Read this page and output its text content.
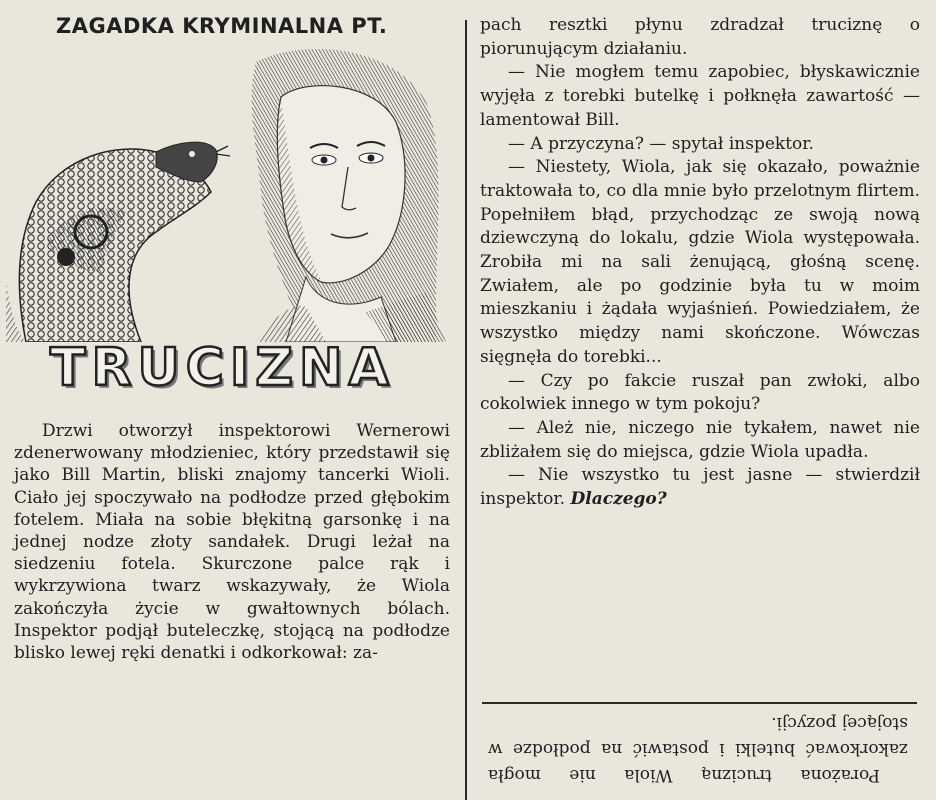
ZAGADKA KRYMINALNA PT.
TRUCIZNA

Drzwi otworzył inspektorowi Wernerowi zdenerwowany młodzieniec, który przedstawił się jako Bill Martin, bliski znajomy tancerki Wioli. Ciało jej spoczywało na podłodze przed głębokim fotelem. Miała na sobie błękitną garsonkę i na jednej nodze złoty sandałek. Drugi leżał na siedzeniu fotela. Skurczone palce rąk i wykrzywiona twarz wskazywały, że Wiola zakończyła życie w gwałtownych bólach. Inspektor podjął buteleczkę, stojącą na podłodze blisko lewej ręki denatki i odkorkował: za-

pach resztki płynu zdradzał truciznę o piorunującym działaniu.

— Nie mogłem temu zapobiec, błyskawicznie wyjęła z torebki butelkę i połknęła zawartość — lamentował Bill.

— A przyczyna? — spytał inspektor.

— Niestety, Wiola, jak się okazało, poważnie traktowała to, co dla mnie było przelotnym flirtem. Popełniłem błąd, przychodząc ze swoją nową dziewczyną do lokalu, gdzie Wiola występowała. Zrobiła mi na sali żenującą, głośną scenę. Zwiałem, ale po godzinie była tu w moim mieszkaniu i żądała wyjaśnień. Powiedziałem, że wszystko między nami skończone. Wówczas sięgnęła do torebki...

— Czy po fakcie ruszał pan zwłoki, albo cokolwiek innego w tym pokoju?

— Ależ nie, niczego nie tykałem, nawet nie zbliżałem się do miejsca, gdzie Wiola upadła.

— Nie wszystko tu jest jasne — stwierdził inspektor. Dlaczego?

Porażona trucizną Wiola nie mogła zakorkować butelki i postawić na podłodze w stojącej pozycji.
